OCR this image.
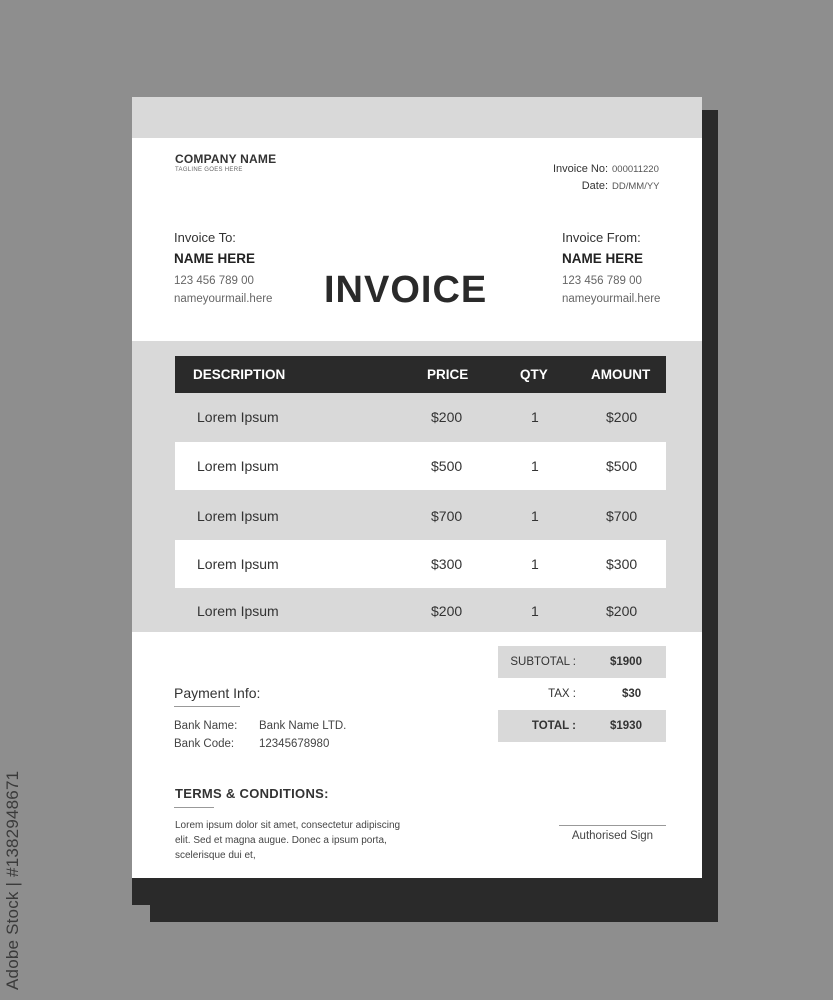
COMPANY NAME
TAGLINE GOES HERE	Invoice No: 000011220
Date: DD/MM/YY
Invoice To:
NAME HERE
123 456 789 00
nameyourmail.here INVOICE
Invoice From:
NAME HERE
123 456 789 00
nameyourmail.here
DESCRIPTION	PRICE	QTY	AMOUNT
Lorem Ipsum	$200	1	$200
Lorem Ipsum	$500	1	$500
Lorem Ipsum	$700	1	$700
Lorem Ipsum	$300	1	$300
Lorem Ipsum	$200	1	$200
SUBTOTAL :	$1900
TAX :	$30
TOTAL :	$1930
Payment Info:
Bank Name: Bank Name LTD.
Bank Code: 12345678980
TERMS & CONDITIONS:
Lorem ipsum dolor sit amet, consectetur adipiscing elit. Sed et magna augue. Donec a ipsum porta, scelerisque dui et,
Authorised Sign
Adobe Stock | #1382948671
